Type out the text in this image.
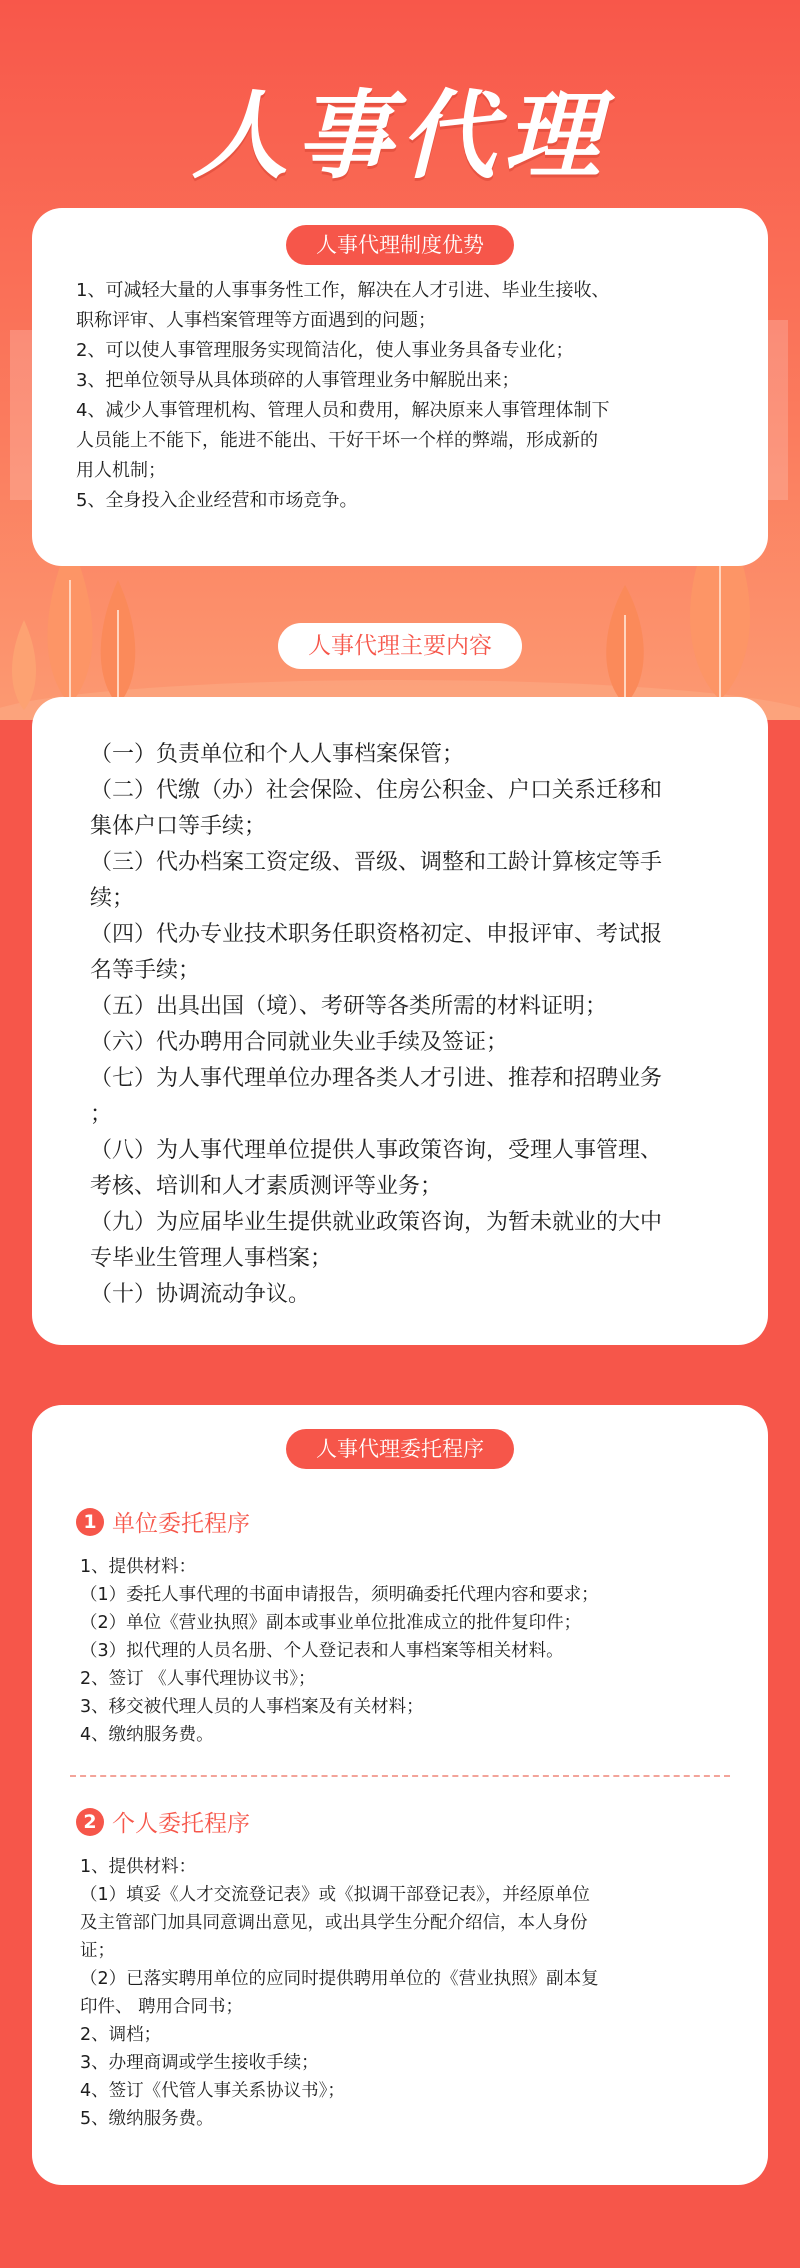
人事代理
人事代理制度优势
1、可减轻大量的人事事务性工作，解决在人才引进、毕业生接收、
职称评审、人事档案管理等方面遇到的问题；
2、可以使人事管理服务实现简洁化，使人事业务具备专业化；
3、把单位领导从具体琐碎的人事管理业务中解脱出来；
4、减少人事管理机构、管理人员和费用，解决原来人事管理体制下
人员能上不能下，能进不能出、干好干坏一个样的弊端，形成新的
用人机制；
5、全身投入企业经营和市场竞争。
人事代理主要内容
（一）负责单位和个人人事档案保管；
（二）代缴（办）社会保险、住房公积金、户口关系迁移和
集体户口等手续；
（三）代办档案工资定级、晋级、调整和工龄计算核定等手
续；
（四）代办专业技术职务任职资格初定、申报评审、考试报
名等手续；
（五）出具出国（境）、考研等各类所需的材料证明；
（六）代办聘用合同就业失业手续及签证；
（七）为人事代理单位办理各类人才引进、推荐和招聘业务
；
（八）为人事代理单位提供人事政策咨询，受理人事管理、
考核、培训和人才素质测评等业务；
（九）为应届毕业生提供就业政策咨询，为暂未就业的大中
专毕业生管理人事档案；
（十）协调流动争议。
人事代理委托程序
1 单位委托程序
1、提供材料：
（1）委托人事代理的书面申请报告，须明确委托代理内容和要求；
（2）单位《营业执照》副本或事业单位批准成立的批件复印件；
（3）拟代理的人员名册、个人登记表和人事档案等相关材料。
2、签订 《人事代理协议书》；
3、移交被代理人员的人事档案及有关材料；
4、缴纳服务费。
2 个人委托程序
1、提供材料：
（1）填妥《人才交流登记表》或《拟调干部登记表》，并经原单位
及主管部门加具同意调出意见，或出具学生分配介绍信，本人身份
证；
（2）已落实聘用单位的应同时提供聘用单位的《营业执照》副本复
印件、 聘用合同书；
2、调档；
3、办理商调或学生接收手续；
4、签订《代管人事关系协议书》；
5、缴纳服务费。
